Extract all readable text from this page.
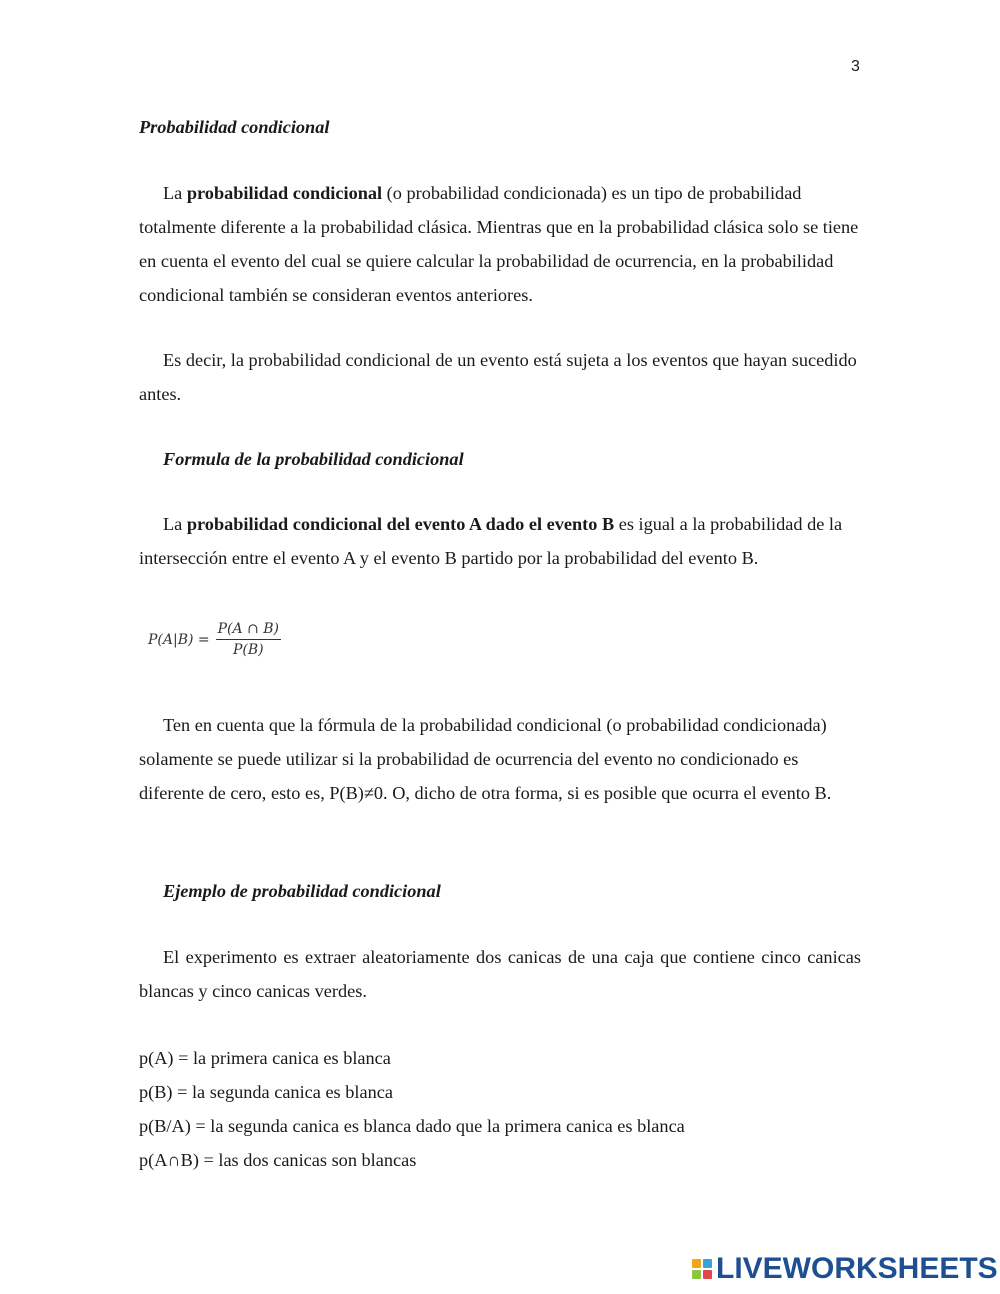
3
Probabilidad condicional
La probabilidad condicional (o probabilidad condicionada) es un tipo de probabilidad totalmente diferente a la probabilidad clásica. Mientras que en la probabilidad clásica solo se tiene en cuenta el evento del cual se quiere calcular la probabilidad de ocurrencia, en la probabilidad condicional también se consideran eventos anteriores.
Es decir, la probabilidad condicional de un evento está sujeta a los eventos que hayan sucedido antes.
Formula de la probabilidad condicional
La probabilidad condicional del evento A dado el evento B es igual a la probabilidad de la intersección entre el evento A y el evento B partido por la probabilidad del evento B.
$P(A|B) = \frac{P(A \cap B)}{P(B)}$
Ten en cuenta que la fórmula de la probabilidad condicional (o probabilidad condicionada) solamente se puede utilizar si la probabilidad de ocurrencia del evento no condicionado es diferente de cero, esto es, P(B)≠0. O, dicho de otra forma, si es posible que ocurra el evento B.
Ejemplo de probabilidad condicional
El experimento es extraer aleatoriamente dos canicas de una caja que contiene cinco canicas blancas y cinco canicas verdes.
p(A) = la primera canica es blanca
p(B) = la segunda canica es blanca
p(B/A) = la segunda canica es blanca dado que la primera canica es blanca
p(A∩B) = las dos canicas son blancas
LIVEWORKSHEETS
